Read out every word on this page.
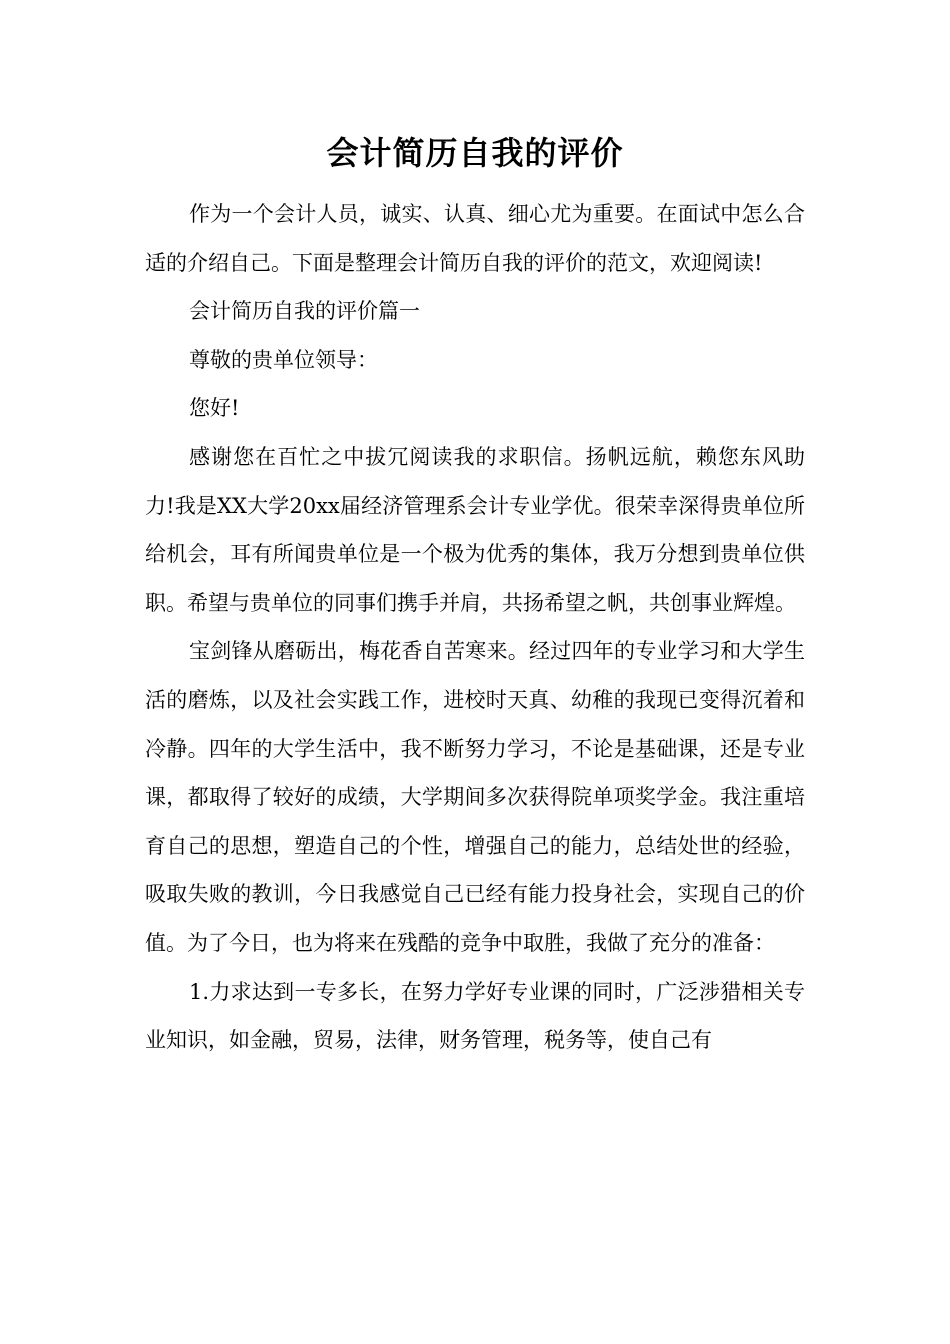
会计简历自我的评价

作为一个会计人员，诚实、认真、细心尤为重要。在面试中怎么合适的介绍自己。下面是整理会计简历自我的评价的范文，欢迎阅读!

会计简历自我的评价篇一

尊敬的贵单位领导：

您好!

感谢您在百忙之中拔冗阅读我的求职信。扬帆远航，赖您东风助力!我是XX大学20xx届经济管理系会计专业学优。很荣幸深得贵单位所给机会，耳有所闻贵单位是一个极为优秀的集体，我万分想到贵单位供职。希望与贵单位的同事们携手并肩，共扬希望之帆，共创事业辉煌。

宝剑锋从磨砺出，梅花香自苦寒来。经过四年的专业学习和大学生活的磨炼，以及社会实践工作，进校时天真、幼稚的我现已变得沉着和冷静。四年的大学生活中，我不断努力学习，不论是基础课，还是专业课，都取得了较好的成绩，大学期间多次获得院单项奖学金。我注重培育自己的思想，塑造自己的个性，增强自己的能力，总结处世的经验，吸取失败的教训，今日我感觉自己已经有能力投身社会，实现自己的价值。为了今日，也为将来在残酷的竞争中取胜，我做了充分的准备：

1.力求达到一专多长，在努力学好专业课的同时，广泛涉猎相关专业知识，如金融，贸易，法律，财务管理，税务等，使自己有
